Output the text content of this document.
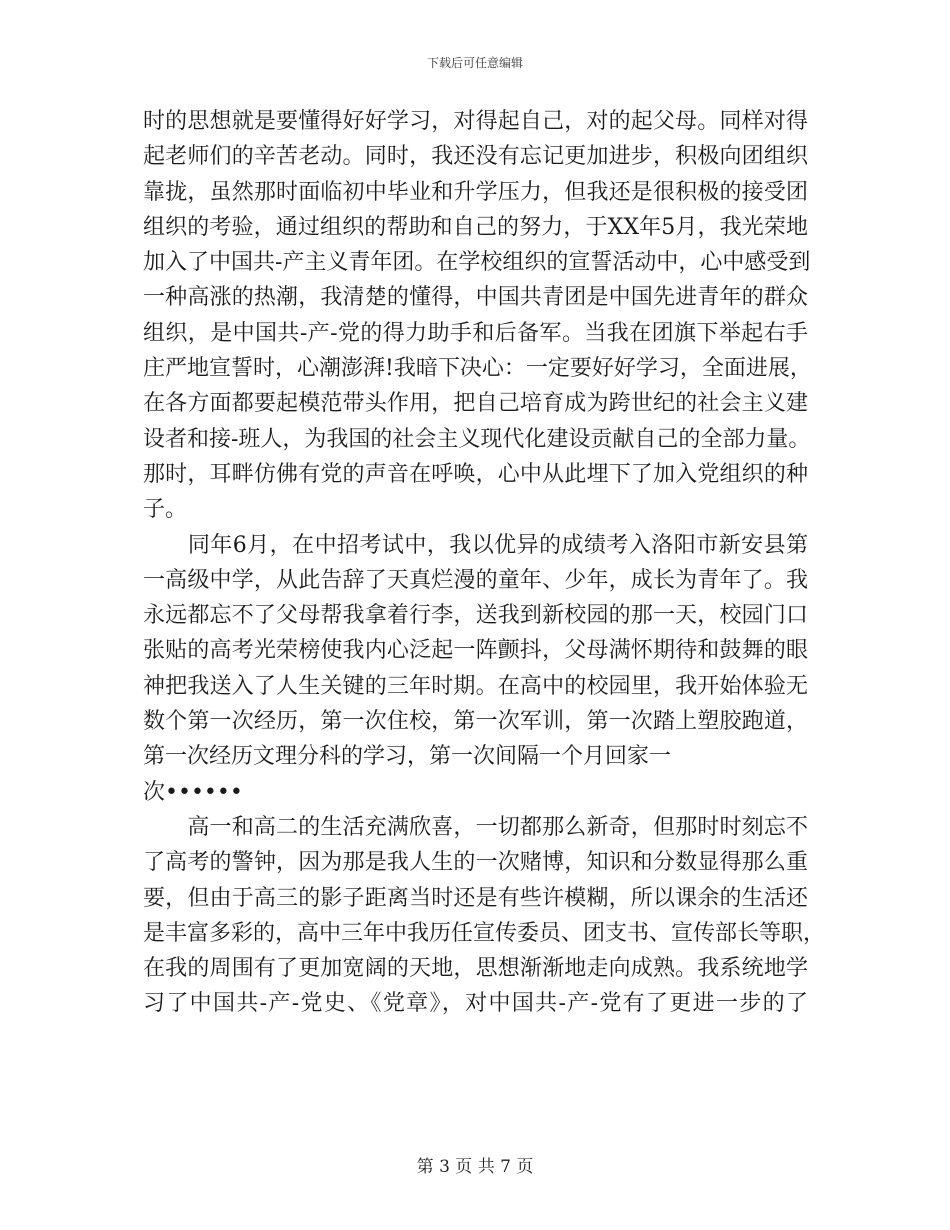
下载后可任意编辑
时的思想就是要懂得好好学习，对得起自己，对的起父母。同样对得
起老师们的辛苦老动。同时，我还没有忘记更加进步，积极向团组织
靠拢，虽然那时面临初中毕业和升学压力，但我还是很积极的接受团
组织的考验，通过组织的帮助和自己的努力，于XX年5月，我光荣地
加入了中国共-产主义青年团。在学校组织的宣誓活动中，心中感受到
一种高涨的热潮，我清楚的懂得，中国共青团是中国先进青年的群众
组织，是中国共-产-党的得力助手和后备军。当我在团旗下举起右手
庄严地宣誓时，心潮澎湃!我暗下决心：一定要好好学习，全面进展，
在各方面都要起模范带头作用，把自己培育成为跨世纪的社会主义建
设者和接-班人，为我国的社会主义现代化建设贡献自己的全部力量。
那时，耳畔仿佛有党的声音在呼唤，心中从此埋下了加入党组织的种
子。
　　同年6月，在中招考试中，我以优异的成绩考入洛阳市新安县第
一高级中学，从此告辞了天真烂漫的童年、少年，成长为青年了。我
永远都忘不了父母帮我拿着行李，送我到新校园的那一天，校园门口
张贴的高考光荣榜使我内心泛起一阵颤抖，父母满怀期待和鼓舞的眼
神把我送入了人生关键的三年时期。在高中的校园里，我开始体验无
数个第一次经历，第一次住校，第一次军训，第一次踏上塑胶跑道，
第一次经历文理分科的学习，第一次间隔一个月回家一
次••••••
　　高一和高二的生活充满欣喜，一切都那么新奇，但那时时刻忘不
了高考的警钟，因为那是我人生的一次赌博，知识和分数显得那么重
要，但由于高三的影子距离当时还是有些许模糊，所以课余的生活还
是丰富多彩的，高中三年中我历任宣传委员、团支书、宣传部长等职，
在我的周围有了更加宽阔的天地，思想渐渐地走向成熟。我系统地学
习了中国共-产-党史、《党章》，对中国共-产-党有了更进一步的了
第 3 页 共 7 页
